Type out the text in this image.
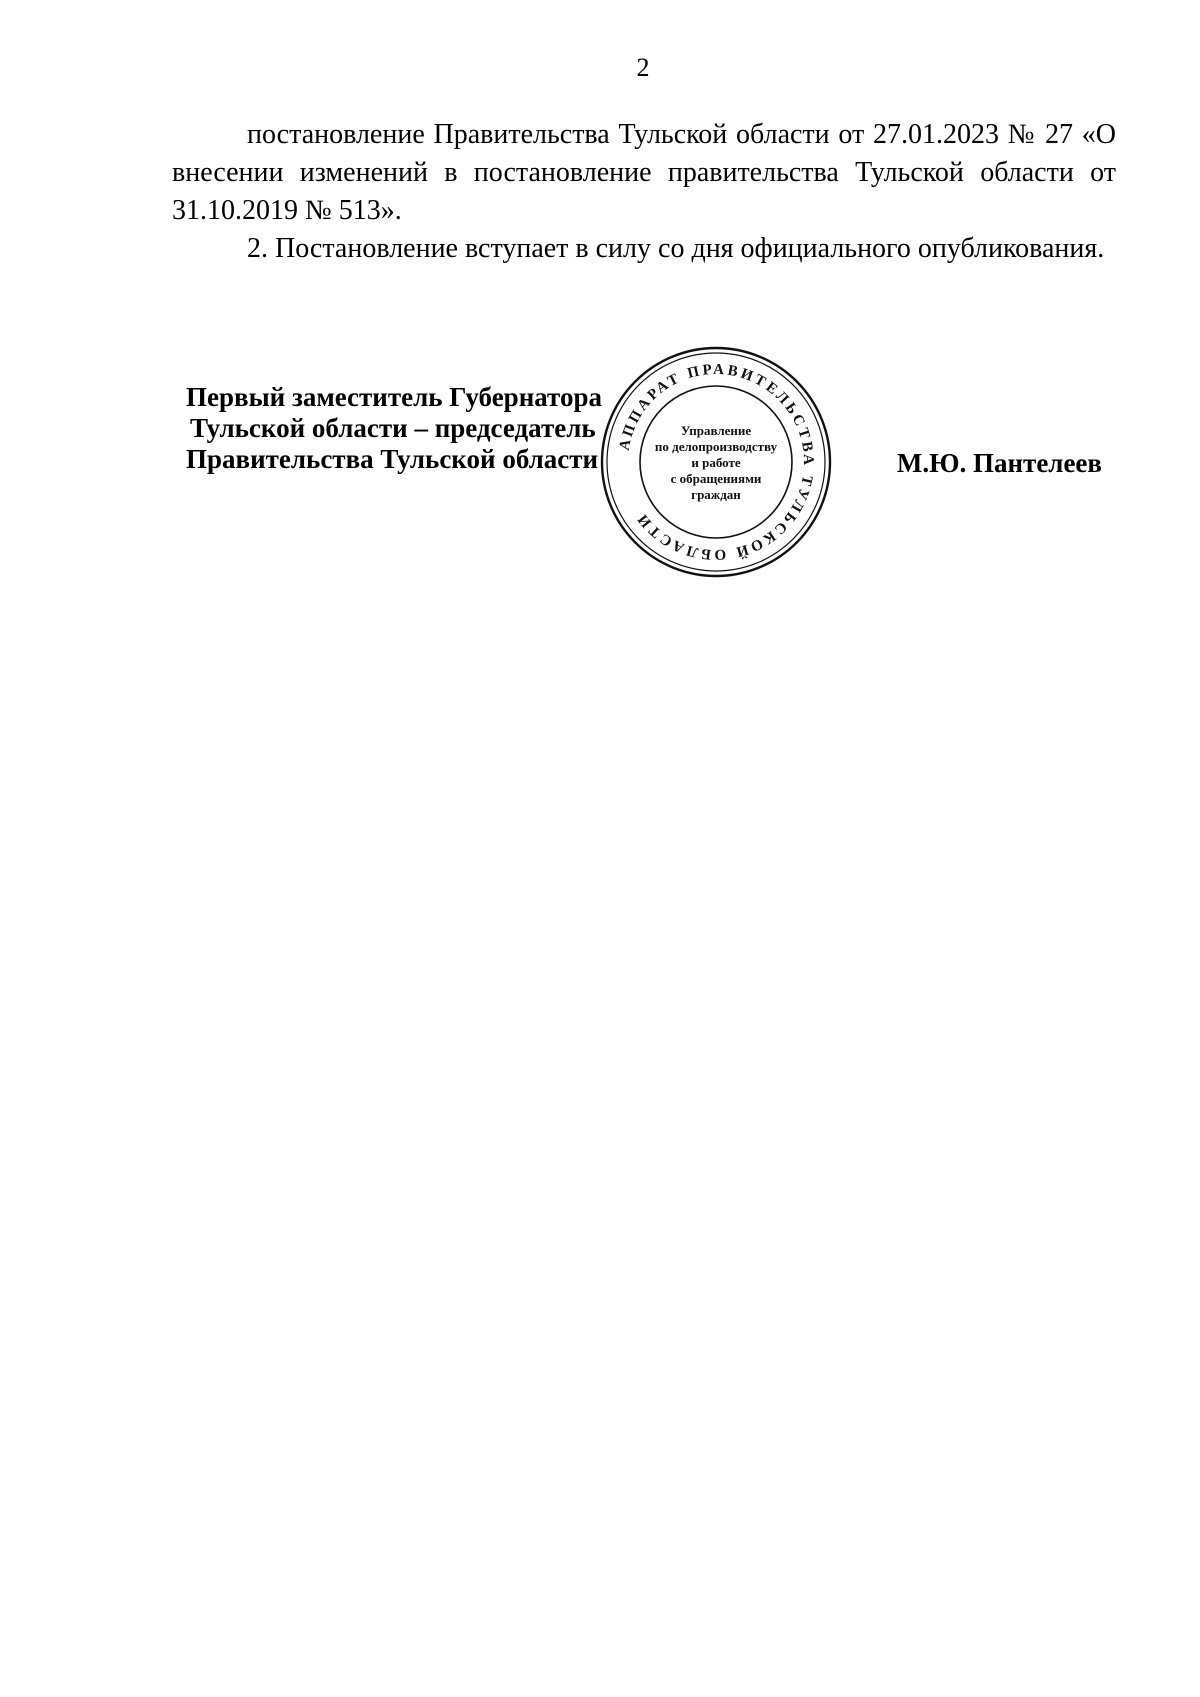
2

постановление Правительства Тульской области от 27.01.2023 № 27 «О внесении изменений в постановление правительства Тульской области от 31.10.2019 № 513».

2. Постановление вступает в силу со дня официального опубликования.

Первый заместитель Губернатора
Тульской области – председатель
Правительства Тульской области	М.Ю. Пантелеев
АППАРАТ ПРАВИТЕЛЬСТВА ТУЛЬСКОЙ ОБЛАСТИ
Управление
по делопроизводству
и работе
с обращениями
граждан
